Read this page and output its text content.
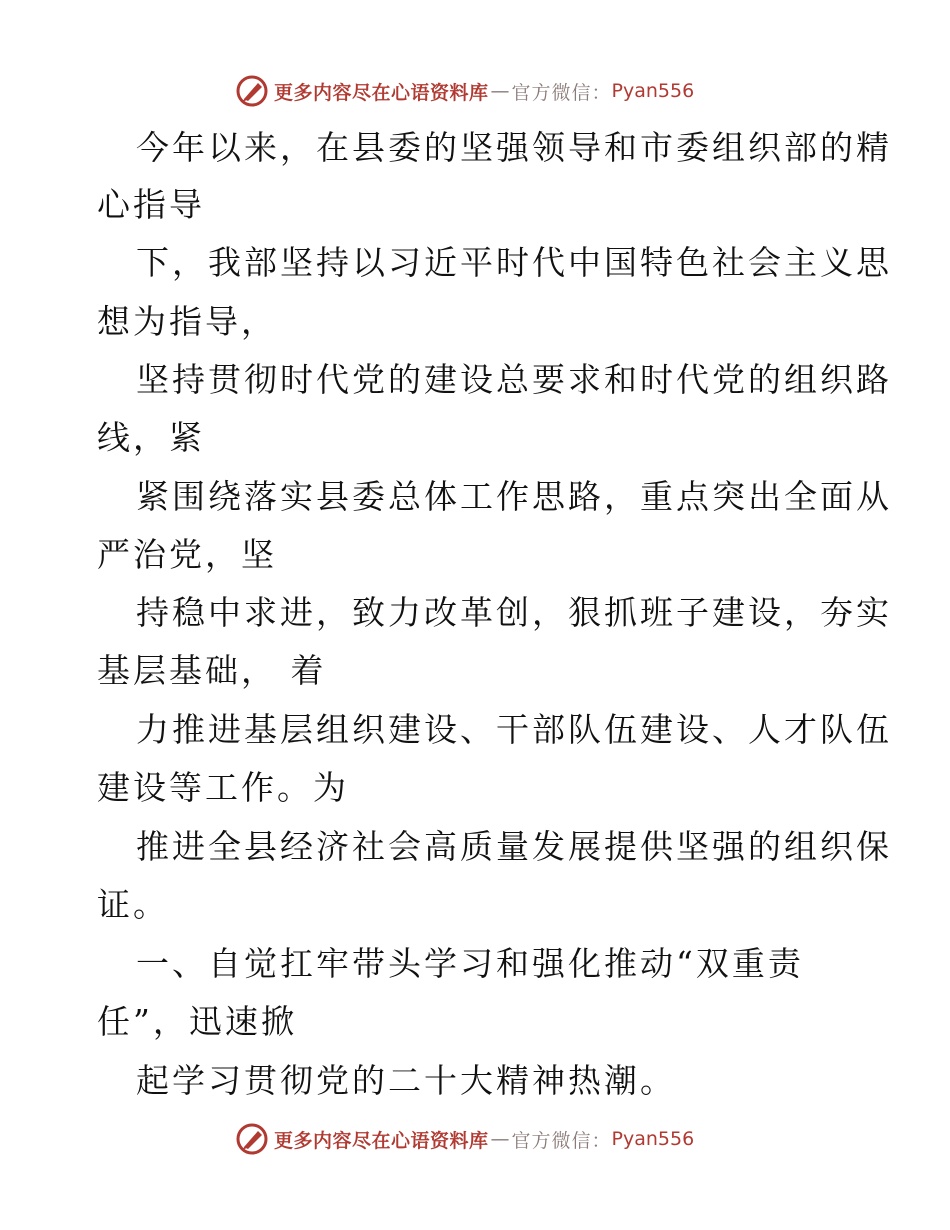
更多内容尽在心语资料库 — 官方微信： Pyan556
今年以来，在县委的坚强领导和市委组织部的精
心指导
下，我部坚持以习近平时代中国特色社会主义思
想为指导，
坚持贯彻时代党的建设总要求和时代党的组织路
线，紧
紧围绕落实县委总体工作思路，重点突出全面从
严治党，坚
持稳中求进，致力改革创，狠抓班子建设，夯实
基层基础， 着
力推进基层组织建设、干部队伍建设、人才队伍
建设等工作。为
推进全县经济社会高质量发展提供坚强的组织保
证。
一、自觉扛牢带头学习和强化推动“双重责
任”，迅速掀
起学习贯彻党的二十大精神热潮。
更多内容尽在心语资料库 — 官方微信： Pyan556
